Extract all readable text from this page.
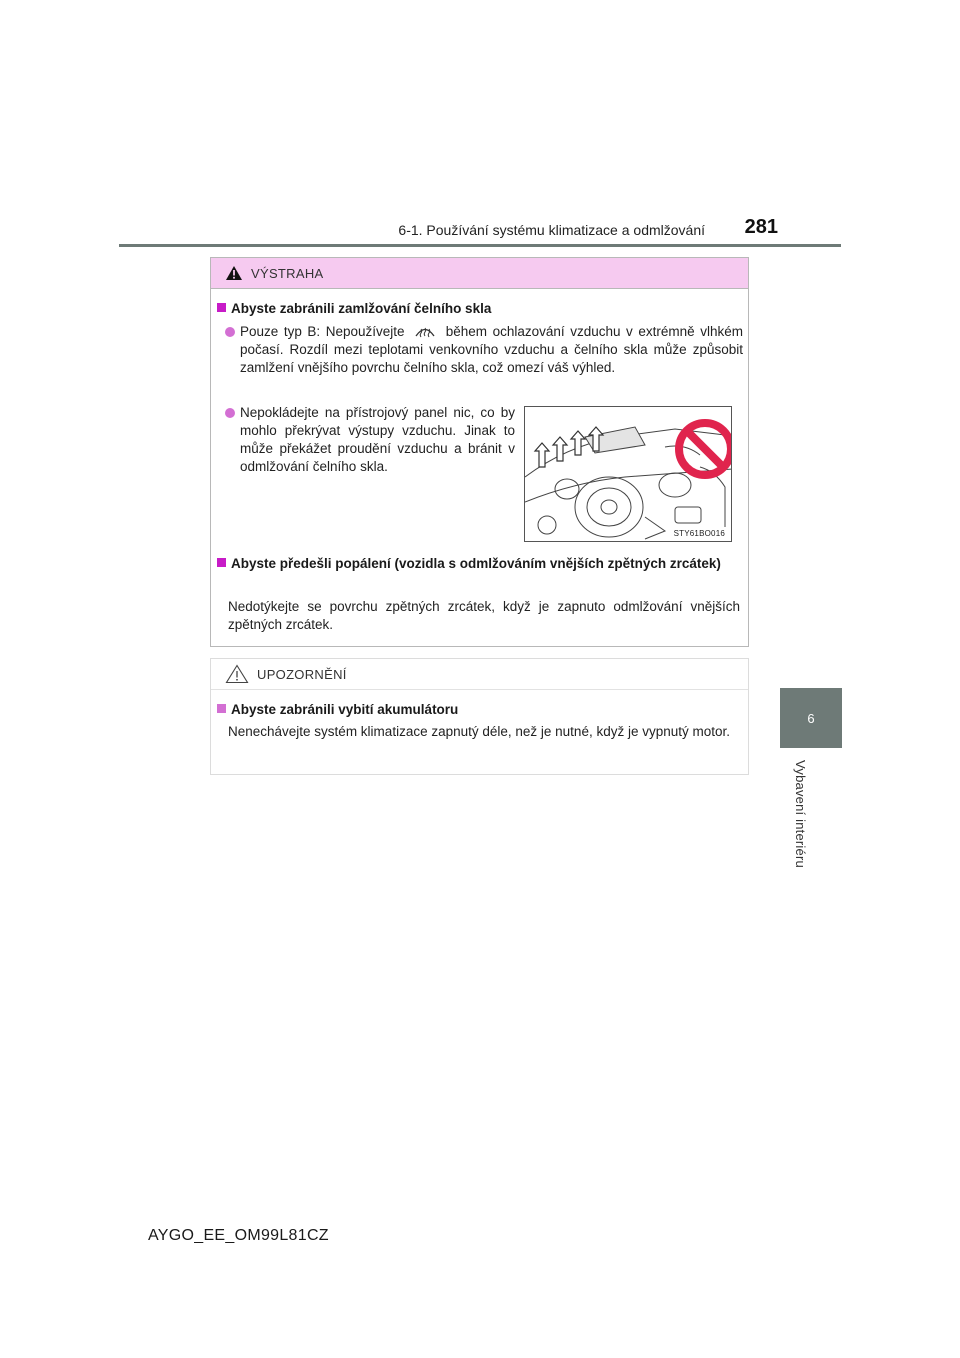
6-1. Používání systému klimatizace a odmlžování	281
6
Vybavení interiéru
VÝSTRAHA
Abyste zabránili zamlžování čelního skla
Pouze typ B: Nepoužívejte	během ochlazování vzduchu v extrémně vlhkém počasí. Rozdíl mezi teplotami venkovního vzduchu a čelního skla může způsobit zamlžení vnějšího povrchu čelního skla, což omezí váš výhled.
Nepokládejte na přístrojový panel nic, co by mohlo překrývat výstupy vzduchu. Jinak to může překážet proudění vzduchu a bránit v odmlžování čelního skla.
STY61BO016
Abyste předešli popálení (vozidla s odmlžováním vnějších zpětných zrcátek)
Nedotýkejte se povrchu zpětných zrcátek, když je zapnuto odmlžování vnějších zpětných zrcátek.
UPOZORNĚNÍ
Abyste zabránili vybití akumulátoru
Nenechávejte systém klimatizace zapnutý déle, než je nutné, když je vypnutý motor.
AYGO_EE_OM99L81CZ
